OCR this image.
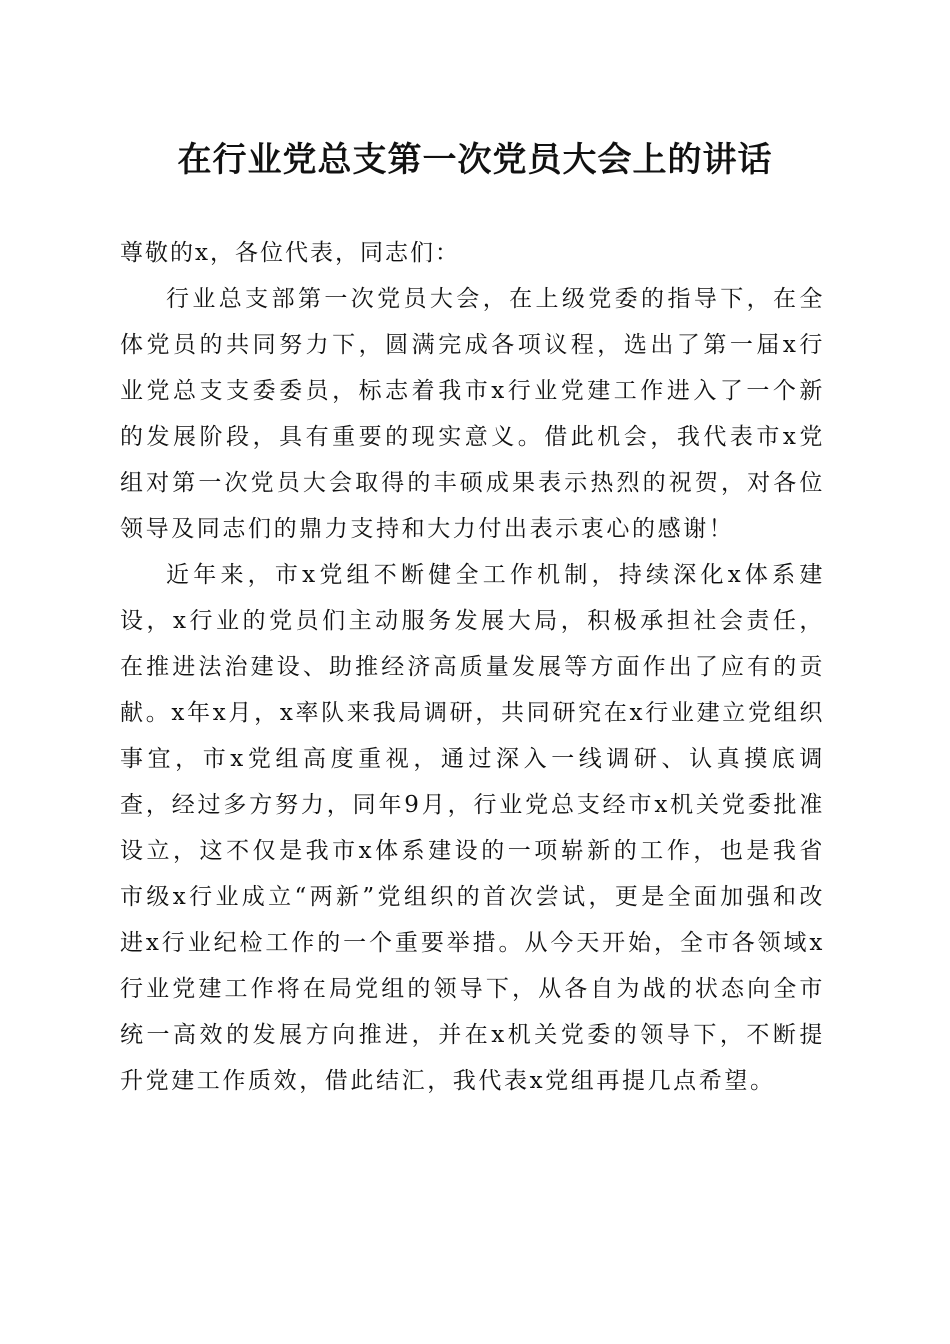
在行业党总支第一次党员大会上的讲话

尊敬的x，各位代表，同志们：

行业总支部第一次党员大会，在上级党委的指导下，在全体党员的共同努力下，圆满完成各项议程，选出了第一届x行业党总支支委委员，标志着我市x行业党建工作进入了一个新的发展阶段，具有重要的现实意义。借此机会，我代表市x党组对第一次党员大会取得的丰硕成果表示热烈的祝贺，对各位领导及同志们的鼎力支持和大力付出表示衷心的感谢！

近年来，市x党组不断健全工作机制，持续深化x体系建设，x行业的党员们主动服务发展大局，积极承担社会责任，在推进法治建设、助推经济高质量发展等方面作出了应有的贡献。x年x月，x率队来我局调研，共同研究在x行业建立党组织事宜，市x党组高度重视，通过深入一线调研、认真摸底调查，经过多方努力，同年9月，行业党总支经市x机关党委批准设立，这不仅是我市x体系建设的一项崭新的工作，也是我省市级x行业成立“两新”党组织的首次尝试，更是全面加强和改进x行业纪检工作的一个重要举措。从今天开始，全市各领域x行业党建工作将在局党组的领导下，从各自为战的状态向全市统一高效的发展方向推进，并在x机关党委的领导下，不断提升党建工作质效，借此结汇，我代表x党组再提几点希望。
